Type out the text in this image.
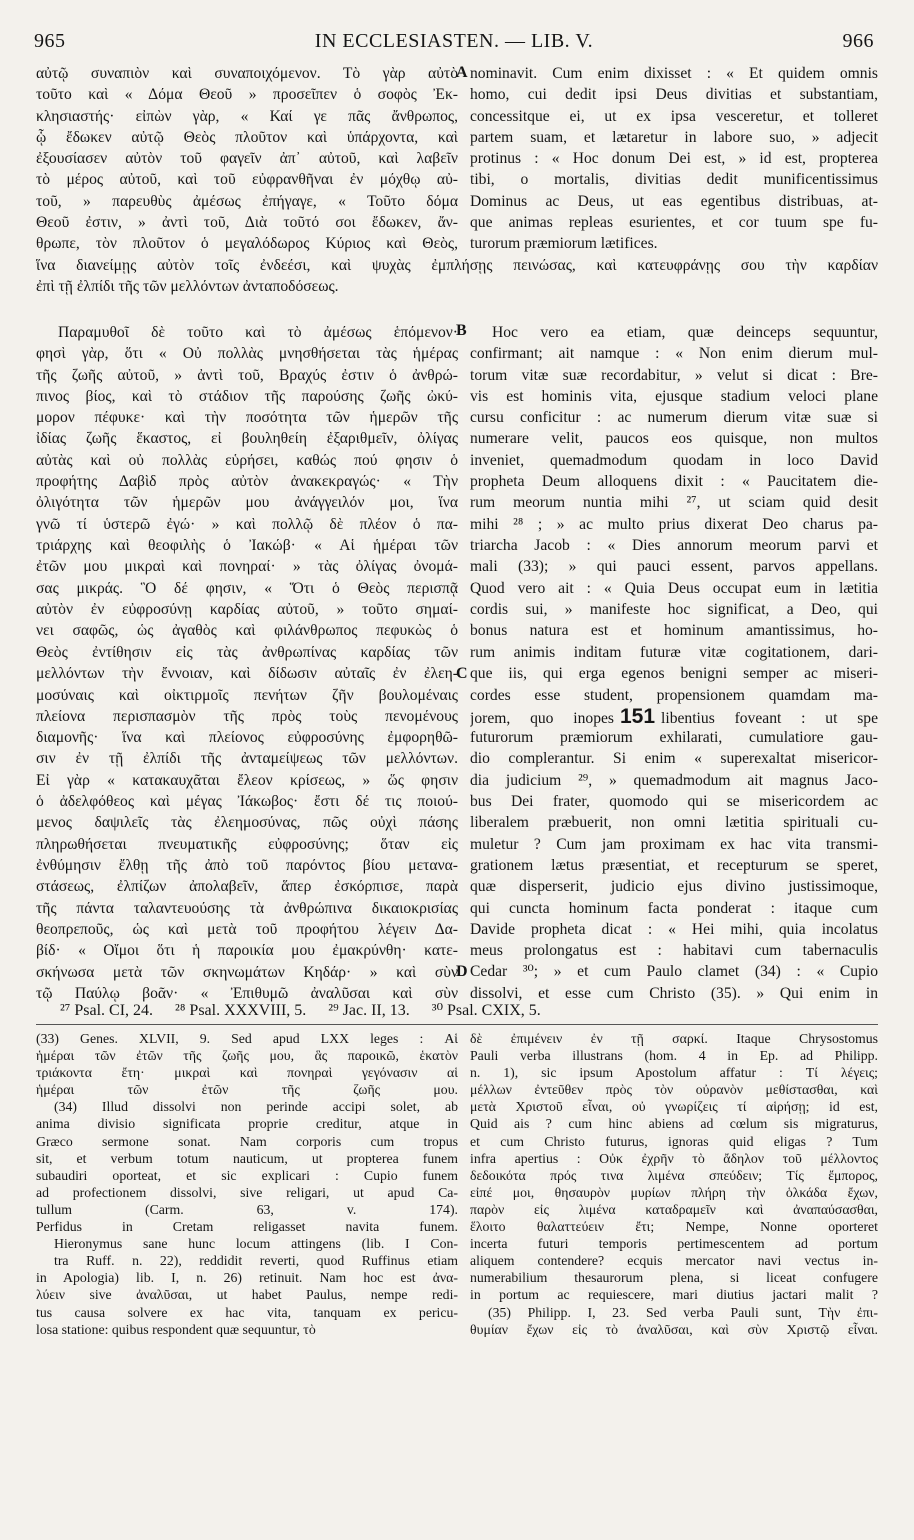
965	IN ECCLESIASTEN. — LIB. V.	966
αὐτῷ συναπιὸν καὶ συναποιχόμενον. Τὸ γὰρ αὐτὸ
τοῦτο καὶ « Δόμα Θεοῦ » προσεῖπεν ὁ σοφὸς Ἐκ-
κλησιαστής· εἰπὼν γὰρ, « Καί γε πᾶς ἄνθρωπος,
ᾧ ἔδωκεν αὐτῷ Θεὸς πλοῦτον καὶ ὑπάρχοντα, καὶ
ἐξουσίασεν αὐτὸν τοῦ φαγεῖν ἀπ᾿ αὐτοῦ, καὶ λαβεῖν
τὸ μέρος αὐτοῦ, καὶ τοῦ εὐφρανθῆναι ἐν μόχθῳ αὐ-
τοῦ, » παρευθὺς ἀμέσως ἐπήγαγε, « Τοῦτο δόμα
Θεοῦ ἐστιν, » ἀντὶ τοῦ, Διὰ τοῦτό σοι ἔδωκεν, ἄν-
θρωπε, τὸν πλοῦτον ὁ μεγαλόδωρος Κύριος καὶ Θεὸς,
A nominavit. Cum enim dixisset : « Et quidem omnis
homo, cui dedit ipsi Deus divitias et substantiam,
concessitque ei, ut ex ipsa vesceretur, et tolleret
partem suam, et lætaretur in labore suo, » adjecit
protinus : « Hoc donum Dei est, » id est, propterea
tibi, o mortalis, divitias dedit munificentissimus
Dominus ac Deus, ut eas egentibus distribuas, at-
que animas repleas esurientes, et cor tuum spe fu-
turorum præmiorum lætifices.
ἵνα διανείμῃς αὐτὸν τοῖς ἐνδεέσι, καὶ ψυχὰς ἐμπλήσῃς πεινώσας, καὶ κατευφράνῃς σου τὴν καρδίαν
ἐπὶ τῇ ἐλπίδι τῆς τῶν μελλόντων ἀνταποδόσεως.
Παραμυθοῖ δὲ τοῦτο καὶ τὸ ἀμέσως ἑπόμενον·
φησὶ γὰρ, ὅτι « Οὐ πολλὰς μνησθήσεται τὰς ἡμέρας
τῆς ζωῆς αὐτοῦ, » ἀντὶ τοῦ, Βραχύς ἐστιν ὁ ἀνθρώ-
πινος βίος, καὶ τὸ στάδιον τῆς παρούσης ζωῆς ὠκύ-
μορον πέφυκε· καὶ τὴν ποσότητα τῶν ἡμερῶν τῆς
ἰδίας ζωῆς ἕκαστος, εἰ βουληθείη ἐξαριθμεῖν, ὀλίγας
αὐτὰς καὶ οὐ πολλὰς εὑρήσει, καθώς πού φησιν ὁ
προφήτης Δαβὶδ πρὸς αὐτὸν ἀνακεκραγώς· « Τὴν
ὀλιγότητα τῶν ἡμερῶν μου ἀνάγγειλόν μοι, ἵνα
γνῶ τί ὑστερῶ ἐγώ· » καὶ πολλῷ δὲ πλέον ὁ πα-
τριάρχης καὶ θεοφιλὴς ὁ Ἰακώβ· « Αἱ ἡμέραι τῶν
ἐτῶν μου μικραὶ καὶ πονηραί· » τὰς ὀλίγας ὀνομά-
σας μικράς. Ὃ δέ φησιν, « Ὅτι ὁ Θεὸς περισπᾷ
αὐτὸν ἐν εὐφροσύνῃ καρδίας αὐτοῦ, » τοῦτο σημαί-
νει σαφῶς, ὡς ἀγαθὸς καὶ φιλάνθρωπος πεφυκὼς ὁ
B	Hoc vero ea etiam, quæ deinceps sequuntur,
confirmant; ait namque : « Non enim dierum mul-
torum vitæ suæ recordabitur, » velut si dicat : Bre-
vis est hominis vita, ejusque stadium veloci plane
cursu conficitur : ac numerum dierum vitæ suæ si
numerare velit, paucos eos quisque, non multos
inveniet, quemadmodum quodam in loco David
propheta Deum alloquens dixit : « Paucitatem die-
rum meorum nuntia mihi ²⁷, ut sciam quid desit
mihi ²⁸ ; » ac multo prius dixerat Deo charus pa-
triarcha Jacob : « Dies annorum meorum parvi et
mali (33); » qui pauci essent, parvos appellans.
Quod vero ait : « Quia Deus occupat eum in lætitia
cordis sui, » manifeste hoc significat, a Deo, qui
bonus natura est et hominum amantissimus, ho-
Θεὸς ἐντίθησιν εἰς τὰς ἀνθρωπίνας καρδίας τῶν
μελλόντων τὴν ἔννοιαν, καὶ δίδωσιν αὐταῖς ἐν ἐλεη-
μοσύναις καὶ οἰκτιρμοῖς πενήτων ζῆν βουλομέναις
πλείονα περισπασμὸν τῆς πρὸς τοὺς πενομένους
διαμονῆς· ἵνα καὶ πλείονος εὐφροσύνης ἐμφορηθῶ-
σιν ἐν τῇ ἐλπίδι τῆς ἀνταμείψεως τῶν μελλόντων.
Εἰ γὰρ « κατακαυχᾶται ἔλεον κρίσεως, » ὥς φησιν
ὁ ἀδελφόθεος καὶ μέγας Ἰάκωβος· ἔστι δέ τις ποιού-
μενος δαψιλεῖς τὰς ἐλεημοσύνας, πῶς οὐχὶ πάσης
πληρωθήσεται πνευματικῆς εὐφροσύνης; ὅταν εἰς
ἐνθύμησιν ἔλθῃ τῆς ἀπὸ τοῦ παρόντος βίου μετανα-
στάσεως, ἐλπίζων ἀπολαβεῖν, ἅπερ ἐσκόρπισε, παρὰ
τῆς πάντα ταλαντευούσης τὰ ἀνθρώπινα δικαιοκρισίας
θεοπρεποῦς, ὡς καὶ μετὰ τοῦ προφήτου λέγειν Δα-
βίδ· « Οἴμοι ὅτι ἡ παροικία μου ἐμακρύνθη· κατε-
C
rum animis inditam futuræ vitæ cogitationem, dari-
que iis, qui erga egenos benigni semper ac miseri-
cordes esse student, propensionem quamdam ma-
jorem, quo inopes 151 libentius foveant : ut spe
futurorum præmiorum exhilarati, cumulatiore gau-
dio complerantur. Si enim « superexaltat misericor-
dia judicium ²⁹, » quemadmodum ait magnus Jaco-
bus Dei frater, quomodo qui se misericordem ac
liberalem præbuerit, non omni lætitia spirituali cu-
muletur ? Cum jam proximam ex hac vita transmi-
grationem lætus præsentiat, et recepturum se speret,
quæ disperserit, judicio ejus divino justissimoque,
qui cuncta hominum facta ponderat : itaque cum
Davide propheta dicat : « Hei mihi, quia incolatus
σκήνωσα μετὰ τῶν σκηνωμάτων Κηδάρ· » καὶ σὺν
τῷ Παύλῳ βοᾶν· « Ἐπιθυμῶ ἀναλῦσαι καὶ σὺν
D
meus prolongatus est : habitavi cum tabernaculis
Cedar ³⁰; » et cum Paulo clamet (34) : « Cupio
dissolvi, et esse cum Christo (35). » Qui enim in
²⁷ Psal. CI, 24. ²⁸ Psal. XXXVIII, 5. ²⁹ Jac. II, 13. ³⁰ Psal. CXIX, 5.
(33) Genes. XLVII, 9. Sed apud LXX leges : Αἱ
ἡμέραι τῶν ἐτῶν τῆς ζωῆς μου, ἃς παροικῶ, ἑκατὸν
τριάκοντα ἔτη· μικραὶ καὶ πονηραὶ γεγόνασιν αἱ
ἡμέραι τῶν ἐτῶν τῆς ζωῆς μου.
(34) Illud dissolvi non perinde accipi solet, ab
anima divisio significata proprie creditur, atque in
Græco sermone sonat. Nam corporis cum tropus
sit, et verbum totum nauticum, ut propterea funem
subaudiri oporteat, et sic explicari : Cupio funem
ad profectionem dissolvi, sive religari, ut apud Ca-
tullum (Carm. 63, v. 174).
Perfidus in Cretam religasset navita funem.
Hieronymus sane hunc locum attingens (lib. I Con-
tra Ruff. n. 22), reddidit reverti, quod Ruffinus etiam
in Apologia) lib. I, n. 26) retinuit. Nam hoc est ἀνα-
λύειν sive ἀναλῦσαι, ut habet Paulus, nempe redi-
tus causa solvere ex hac vita, tanquam ex pericu-
losa statione: quibus respondent quæ sequuntur, τὸ
δὲ ἐπιμένειν ἐν τῇ σαρκί. Itaque Chrysostomus
Pauli verba illustrans (hom. 4 in Ep. ad Philipp.
n. 1), sic ipsum Apostolum affatur : Τί λέγεις;
μέλλων ἐντεῦθεν πρὸς τὸν οὐρανὸν μεθίστασθαι, καὶ
μετὰ Χριστοῦ εἶναι, οὐ γνωρίζεις τί αἱρήσῃ; id est,
Quid ais ? cum hinc abiens ad cœlum sis migraturus,
et cum Christo futurus, ignoras quid eligas ? Tum
infra apertius : Οὐκ ἐχρῆν τὸ ἄδηλον τοῦ μέλλοντος
δεδοικότα πρός τινα λιμένα σπεύδειν; Τίς ἔμπορος,
εἰπέ μοι, θησαυρὸν μυρίων πλήρη τὴν ὁλκάδα ἔχων,
παρὸν εἰς λιμένα καταδραμεῖν καὶ ἀναπαύσασθαι,
ἕλοιτο θαλαττεύειν ἔτι; Nempe, Nonne oporteret
incerta futuri temporis pertimescentem ad portum
aliquem contendere? ecquis mercator navi vectus in-
numerabilium thesaurorum plena, si liceat confugere
in portum ac requiescere, mari diutius jactari malit ?
(35) Philipp. I, 23. Sed verba Pauli sunt, Τὴν ἐπι-
θυμίαν ἔχων εἰς τὸ ἀναλῦσαι, καὶ σὺν Χριστῷ εἶναι.
